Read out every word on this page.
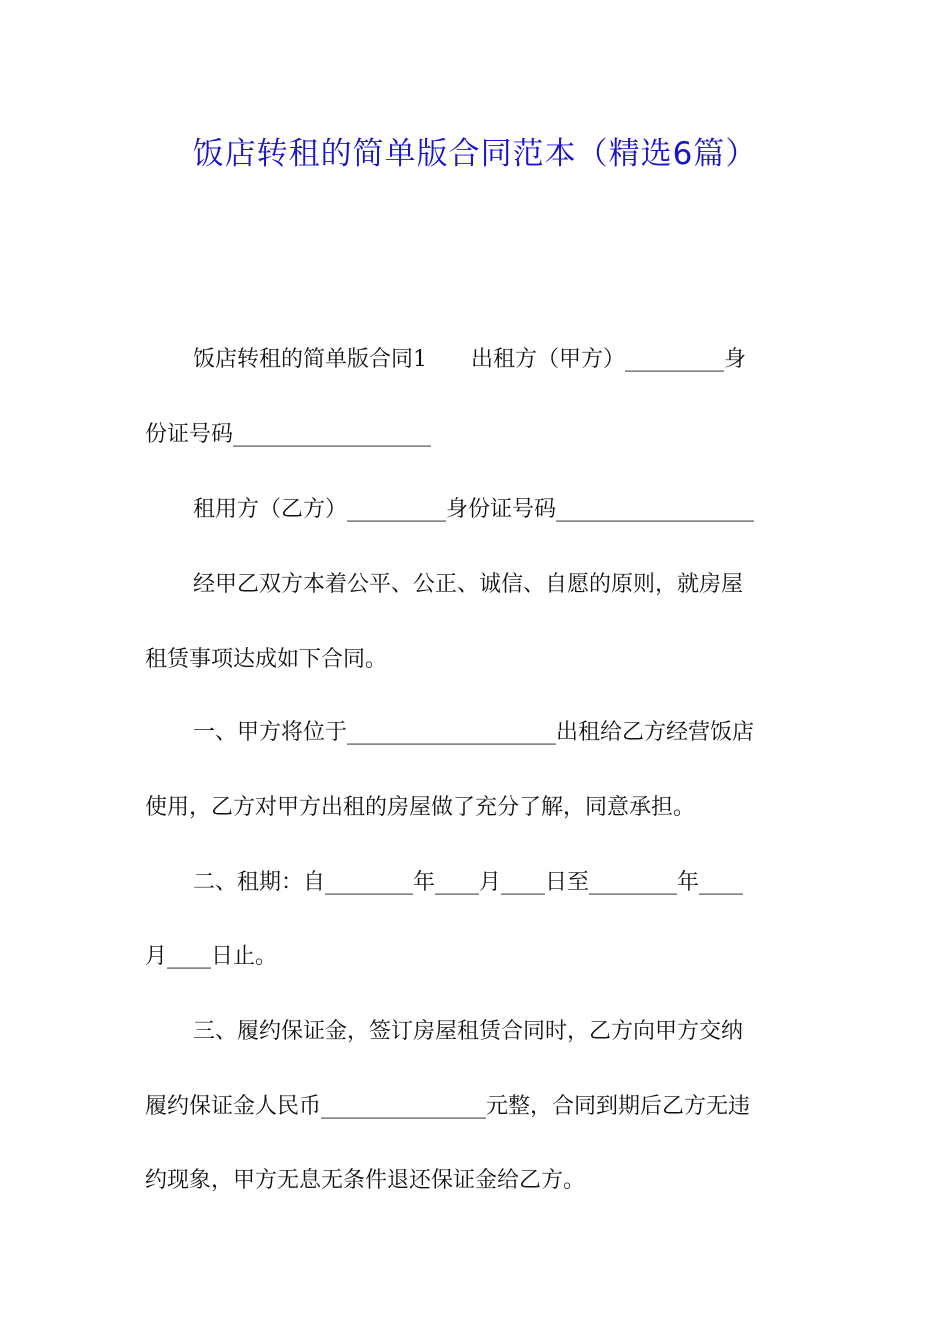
饭店转租的简单版合同范本（精选6篇）
饭店转租的简单版合同1　　出租方（甲方）_________身
份证号码__________________
租用方（乙方）_________身份证号码__________________
经甲乙双方本着公平、公正、诚信、自愿的原则，就房屋
租赁事项达成如下合同。
一、甲方将位于___________________出租给乙方经营饭店
使用，乙方对甲方出租的房屋做了充分了解，同意承担。
二、租期：自________年____月____日至________年____
月____日止。
三、履约保证金，签订房屋租赁合同时，乙方向甲方交纳
履约保证金人民币_______________元整，合同到期后乙方无违
约现象，甲方无息无条件退还保证金给乙方。
